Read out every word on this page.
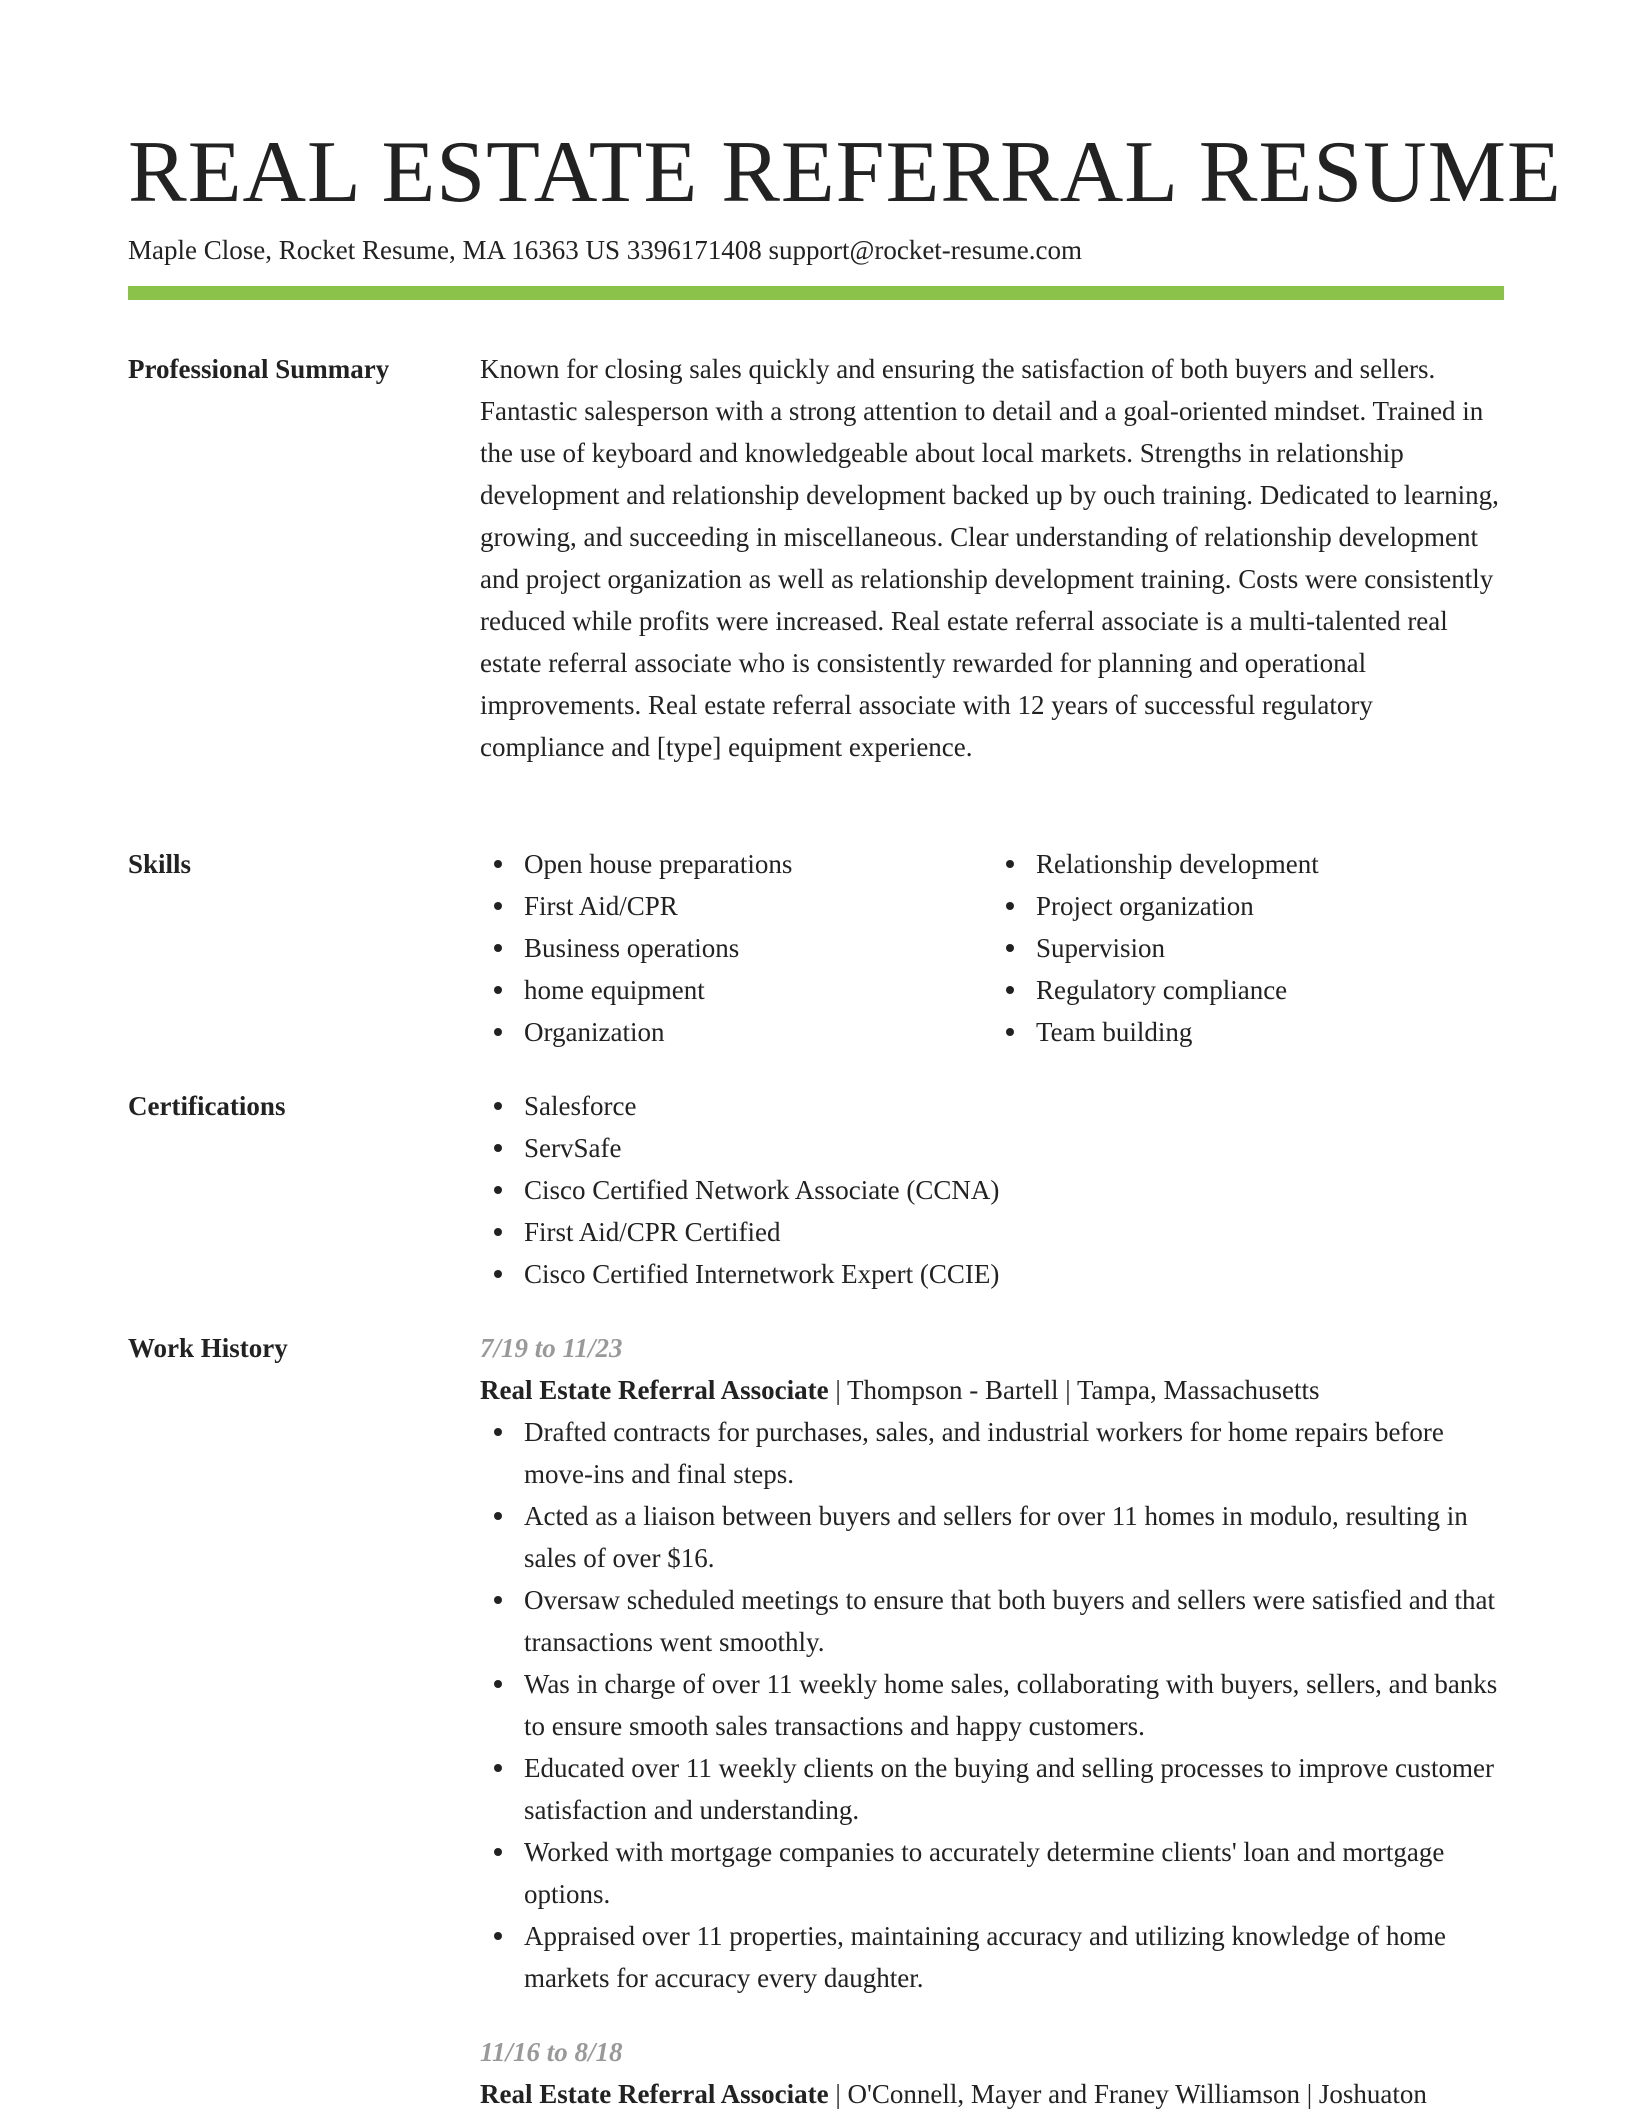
REAL ESTATE REFERRAL RESUME
Maple Close, Rocket Resume, MA 16363 US 3396171408 support@rocket-resume.com
Professional Summary	Known for closing sales quickly and ensuring the satisfaction of both buyers and sellers. Fantastic salesperson with a strong attention to detail and a goal-oriented mindset. Trained in the use of keyboard and knowledgeable about local markets. Strengths in relationship development and relationship development backed up by ouch training. Dedicated to learning, growing, and succeeding in miscellaneous. Clear understanding of relationship development and project organization as well as relationship development training. Costs were consistently reduced while profits were increased. Real estate referral associate is a multi-talented real estate referral associate who is consistently rewarded for planning and operational improvements. Real estate referral associate with 12 years of successful regulatory compliance and [type] equipment experience.

Skills	Open house preparations
First Aid/CPR
Business operations
home equipment
Organization
Relationship development
Project organization
Supervision
Regulatory compliance
Team building
Certifications	Salesforce
ServSafe
Cisco Certified Network Associate (CCNA)
First Aid/CPR Certified
Cisco Certified Internetwork Expert (CCIE)
Work History	7/19 to 11/23
Real Estate Referral Associate | Thompson - Bartell | Tampa, Massachusetts
Drafted contracts for purchases, sales, and industrial workers for home repairs before move-ins and final steps.
Acted as a liaison between buyers and sellers for over 11 homes in modulo, resulting in sales of over $16.
Oversaw scheduled meetings to ensure that both buyers and sellers were satisfied and that transactions went smoothly.
Was in charge of over 11 weekly home sales, collaborating with buyers, sellers, and banks to ensure smooth sales transactions and happy customers.
Educated over 11 weekly clients on the buying and selling processes to improve customer satisfaction and understanding.
Worked with mortgage companies to accurately determine clients' loan and mortgage options.
Appraised over 11 properties, maintaining accuracy and utilizing knowledge of home markets for accuracy every daughter.
11/16 to 8/18
Real Estate Referral Associate | O'Connell, Mayer and Franey Williamson | Joshuaton
